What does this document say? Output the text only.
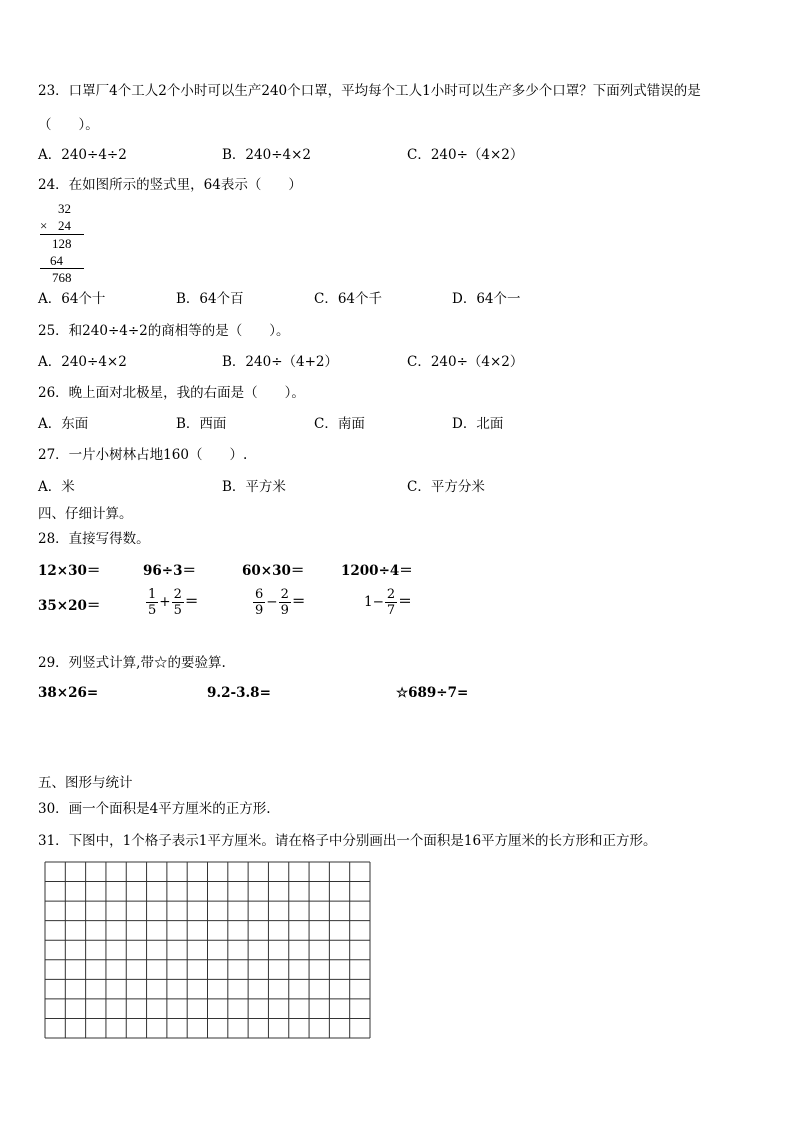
23．口罩厂4个工人2个小时可以生产240个口罩，平均每个工人1小时可以生产多少个口罩？下面列式错误的是
（　　）。
A．240÷4÷2	B．240÷4×2	C．240÷（4×2）
24．在如图所示的竖式里，64表示（　　）
32
× 24
128
64
768
A．64个十	B．64个百	C．64个千	D．64个一
25．和240÷4÷2的商相等的是（　　）。
A．240÷4×2	B．240÷（4+2）	C．240÷（4×2）
26．晚上面对北极星，我的右面是（　　）。
A．东面	B．西面	C．南面	D．北面
27．一片小树林占地160（　　）.
A．米	B．平方米	C．平方分米
四、仔细计算。
28．直接写得数。
12×30＝	96÷3＝	60×30＝	1200÷4＝
35×20＝	$\frac{1}{5} + \frac{2}{5}$ ＝	$\frac{6}{9} - \frac{2}{9}$ ＝	$1- \frac{2}{7}$ ＝
29．列竖式计算,带☆的要验算.
38×26=	9.2-3.8=	☆689÷7=
五、图形与统计
30．画一个面积是4平方厘米的正方形.
31．下图中，1个格子表示1平方厘米。请在格子中分别画出一个面积是16平方厘米的长方形和正方形。
